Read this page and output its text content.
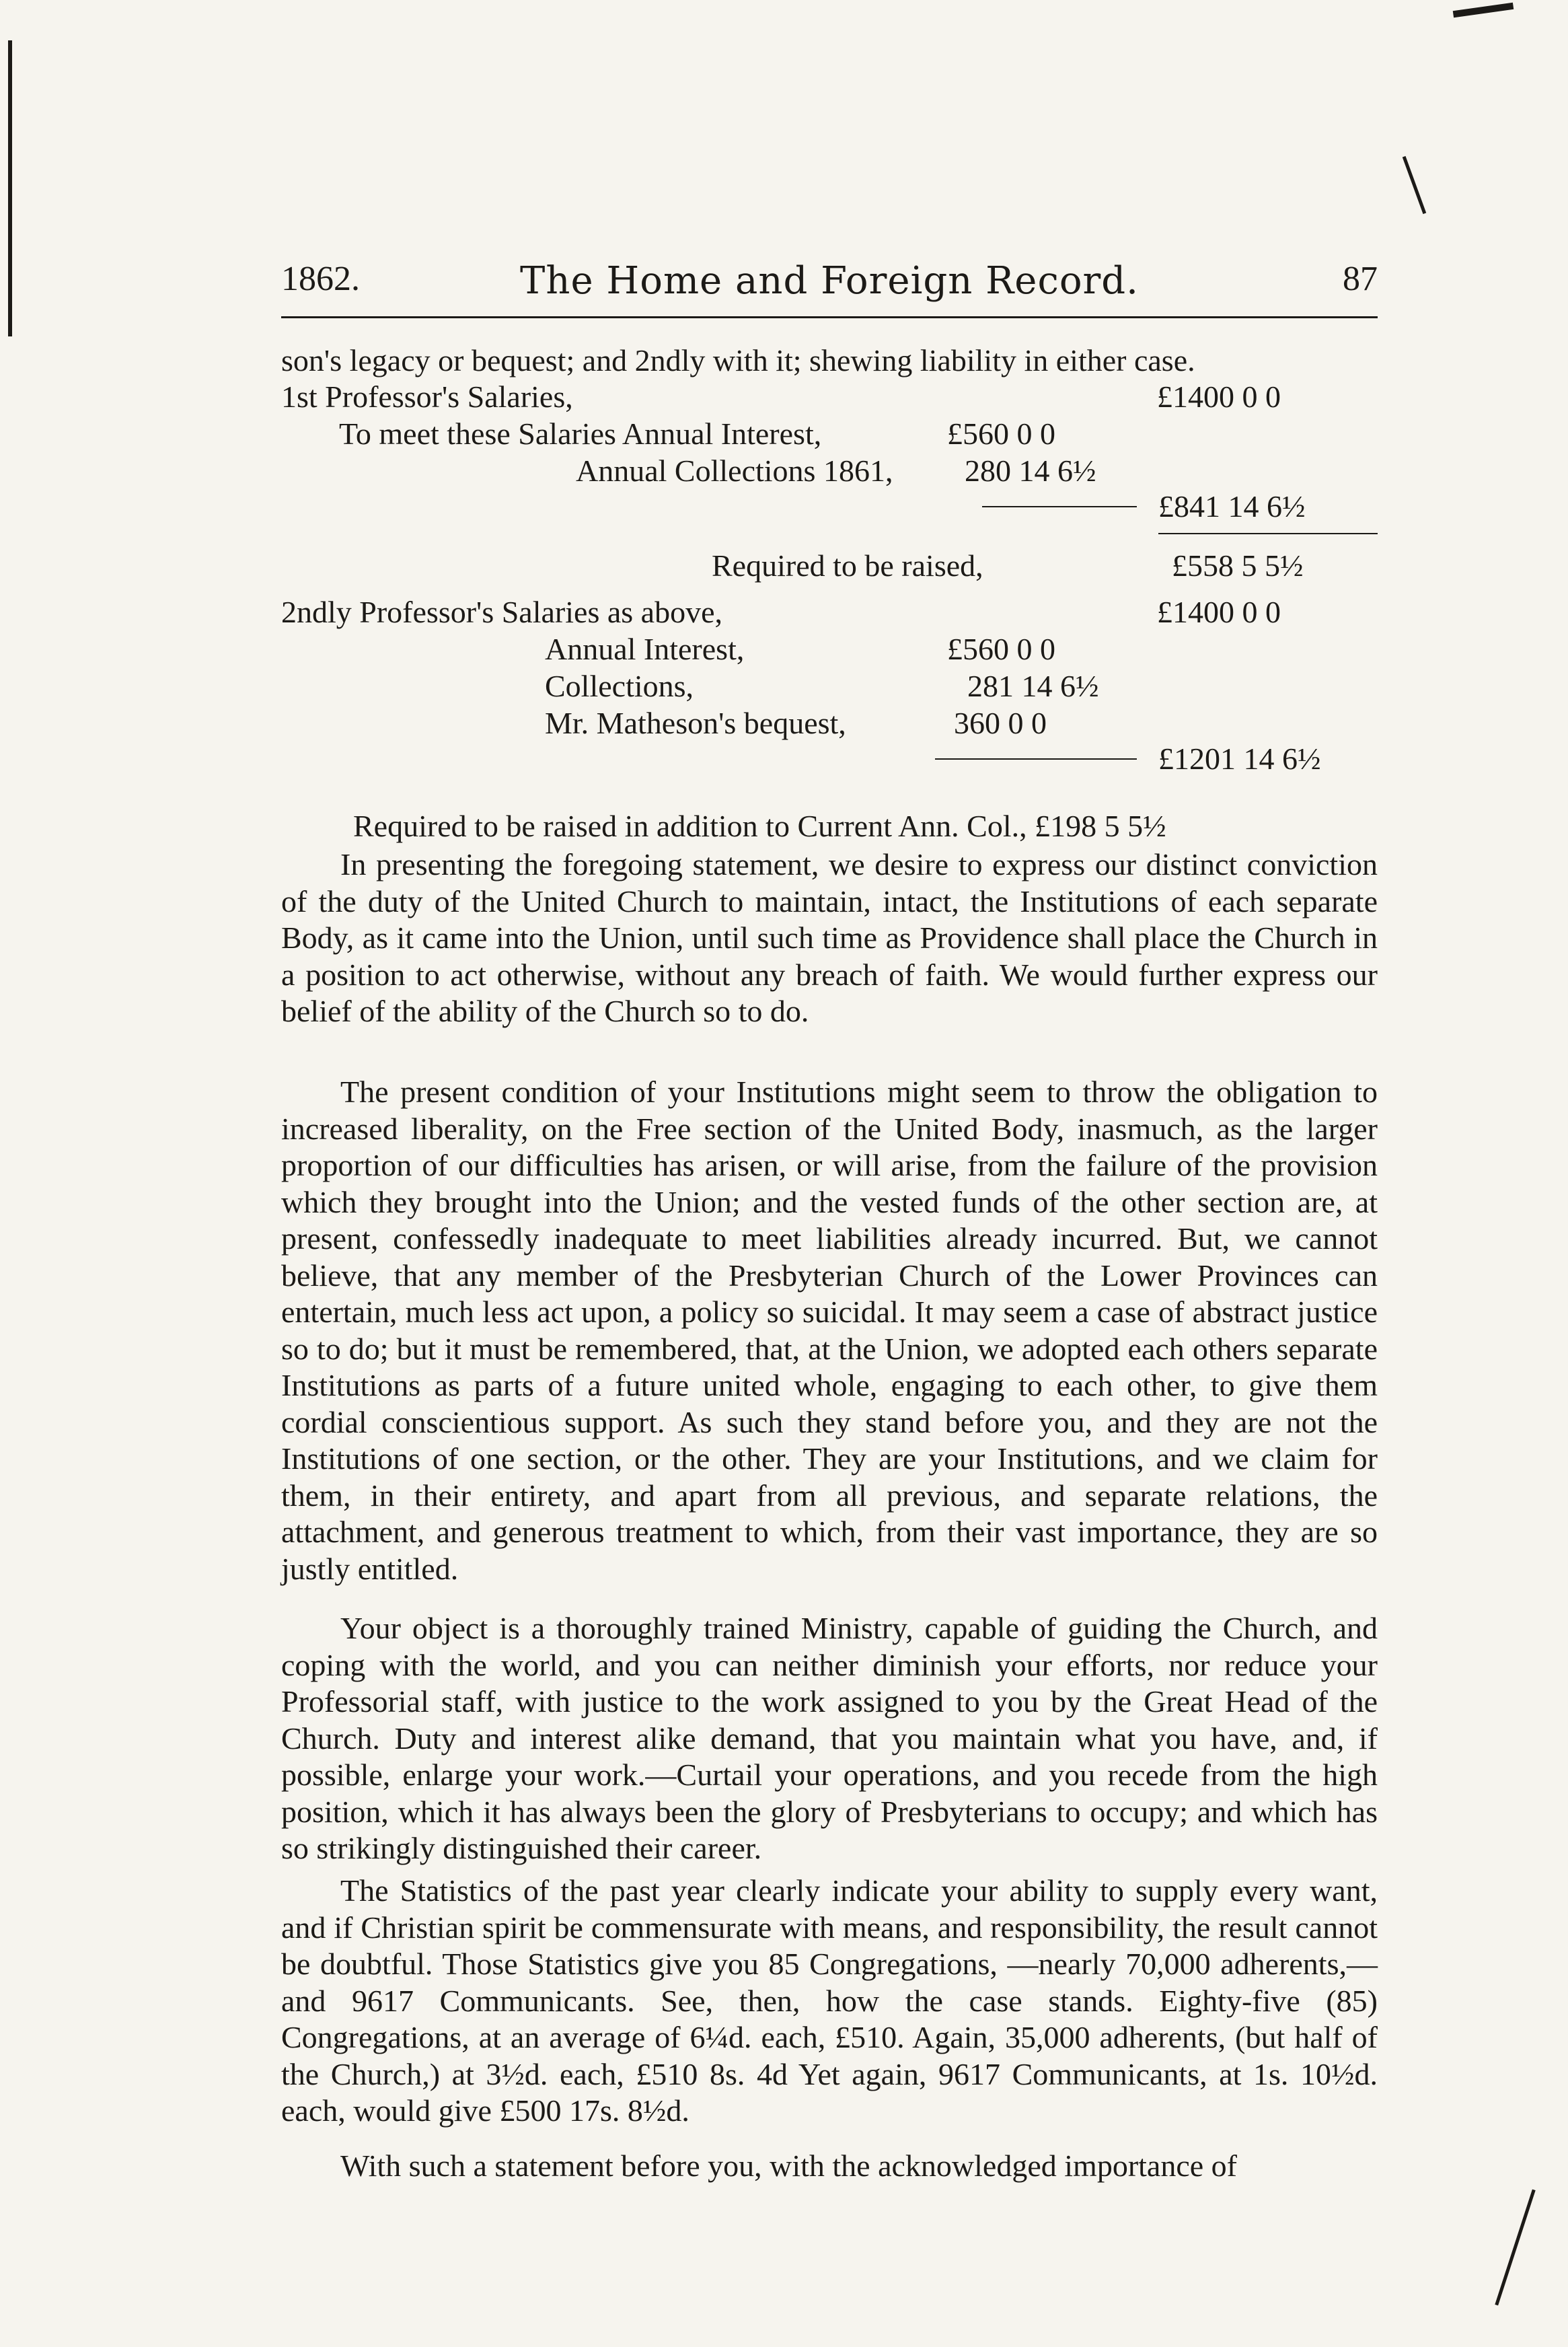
1862.	The Home and Foreign Record.	87
son's legacy or bequest; and 2ndly with it; shewing liability in either case.
1st Professor's Salaries,	£1400 0 0
To meet these Salaries Annual Interest,	£560 0 0
Annual Collections 1861, 280 14 6½
£841 14 6½
Required to be raised,	£558 5 5½
2ndly Professor's Salaries as above,	£1400 0 0
Annual Interest,	£560 0 0
Collections,	281 14 6½
Mr. Matheson's bequest,	360 0 0
£1201 14 6½
Required to be raised in addition to Current Ann. Col., £198 5 5½

In presenting the foregoing statement, we desire to express our distinct conviction of the duty of the United Church to maintain, intact, the Institutions of each separate Body, as it came into the Union, until such time as Providence shall place the Church in a position to act otherwise, without any breach of faith. We would further express our belief of the ability of the Church so to do.

The present condition of your Institutions might seem to throw the obligation to increased liberality, on the Free section of the United Body, inasmuch, as the larger proportion of our difficulties has arisen, or will arise, from the failure of the provision which they brought into the Union; and the vested funds of the other section are, at present, confessedly inadequate to meet liabilities already incurred. But, we cannot believe, that any member of the Presbyterian Church of the Lower Provinces can entertain, much less act upon, a policy so suicidal. It may seem a case of abstract justice so to do; but it must be remembered, that, at the Union, we adopted each others separate Institutions as parts of a future united whole, engaging to each other, to give them cordial conscientious support. As such they stand before you, and they are not the Institutions of one section, or the other. They are your Institutions, and we claim for them, in their entirety, and apart from all previous, and separate relations, the attachment, and generous treatment to which, from their vast importance, they are so justly entitled.

Your object is a thoroughly trained Ministry, capable of guiding the Church, and coping with the world, and you can neither diminish your efforts, nor reduce your Professorial staff, with justice to the work assigned to you by the Great Head of the Church. Duty and interest alike demand, that you maintain what you have, and, if possible, enlarge your work.—Curtail your operations, and you recede from the high position, which it has always been the glory of Presbyterians to occupy; and which has so strikingly distinguished their career.

The Statistics of the past year clearly indicate your ability to supply every want, and if Christian spirit be commensurate with means, and responsibility, the result cannot be doubtful. Those Statistics give you 85 Congregations, —nearly 70,000 adherents,—and 9617 Communicants. See, then, how the case stands. Eighty-five (85) Congregations, at an average of 6¼d. each, £510. Again, 35,000 adherents, (but half of the Church,) at 3½d. each, £510 8s. 4d Yet again, 9617 Communicants, at 1s. 10½d. each, would give £500 17s. 8½d.

With such a statement before you, with the acknowledged importance of
